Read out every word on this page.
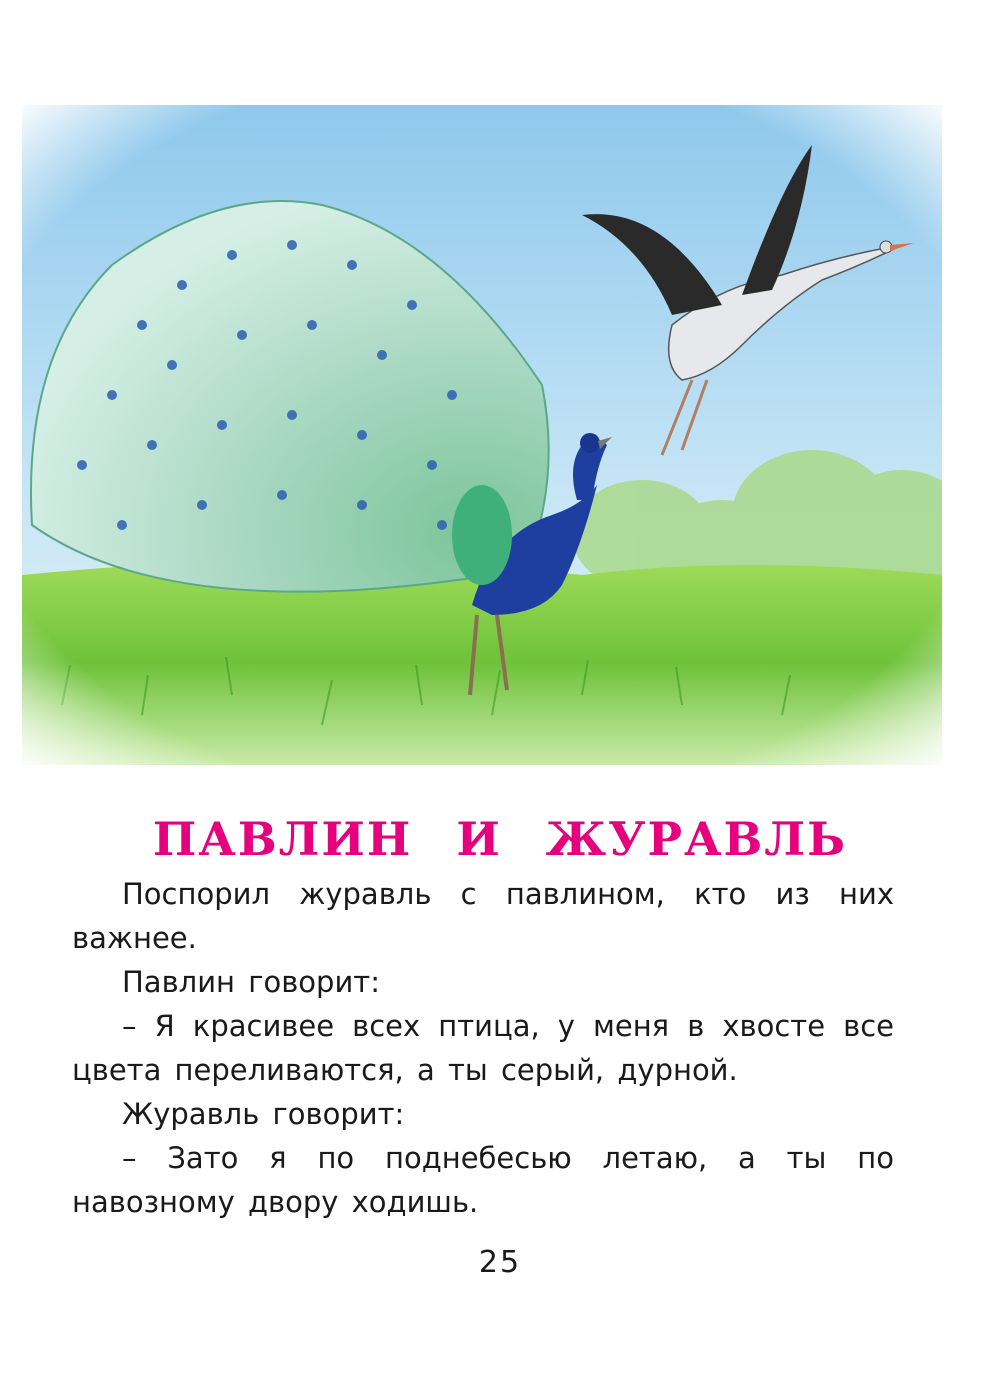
ПАВЛИН И ЖУРАВЛЬ

Поспорил журавль с павлином, кто из них важнее.

Павлин говорит:

– Я красивее всех птица, у меня в хвосте все цвета переливаются, а ты серый, дурной.

Журавль говорит:

– Зато я по поднебесью летаю, а ты по навозному двору ходишь.

25
